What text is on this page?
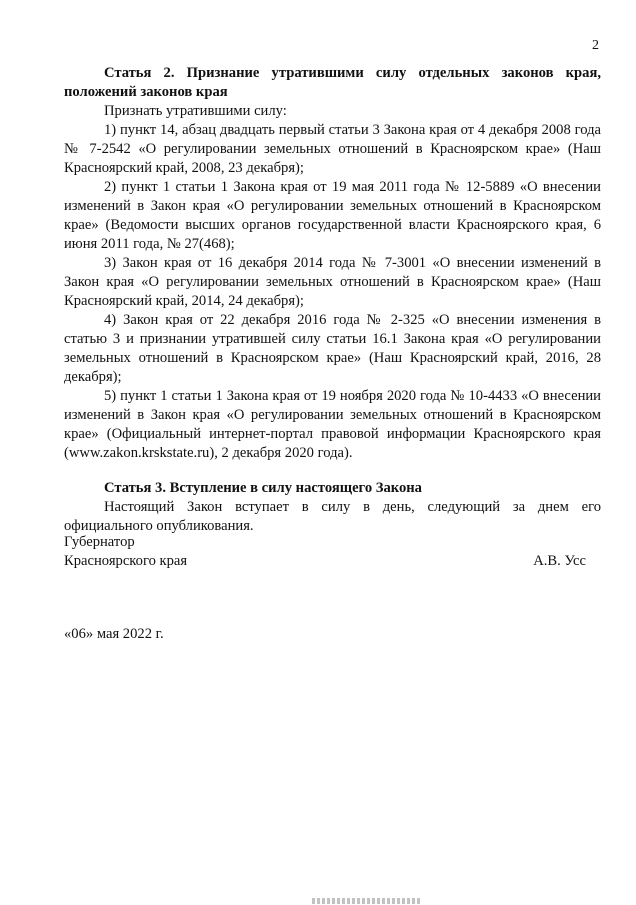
2

Статья 2. Признание утратившими силу отдельных законов края, положений законов края

Признать утратившими силу:

1) пункт 14, абзац двадцать первый статьи 3 Закона края от 4 декабря 2008 года № 7-2542 «О регулировании земельных отношений в Красноярском крае» (Наш Красноярский край, 2008, 23 декабря);

2) пункт 1 статьи 1 Закона края от 19 мая 2011 года № 12-5889 «О внесении изменений в Закон края «О регулировании земельных отношений в Красноярском крае» (Ведомости высших органов государственной власти Красноярского края, 6 июня 2011 года, № 27(468);

3) Закон края от 16 декабря 2014 года № 7-3001 «О внесении изменений в Закон края «О регулировании земельных отношений в Красноярском крае» (Наш Красноярский край, 2014, 24 декабря);

4) Закон края от 22 декабря 2016 года № 2-325 «О внесении изменения в статью 3 и признании утратившей силу статьи 16.1 Закона края «О регулировании земельных отношений в Красноярском крае» (Наш Красноярский край, 2016, 28 декабря);

5) пункт 1 статьи 1 Закона края от 19 ноября 2020 года № 10-4433 «О внесении изменений в Закон края «О регулировании земельных отношений в Красноярском крае» (Официальный интернет-портал правовой информации Красноярского края (www.zakon.krskstate.ru), 2 декабря 2020 года).

Статья 3. Вступление в силу настоящего Закона

Настоящий Закон вступает в силу в день, следующий за днем его официального опубликования.

Губернатор
Красноярского края	А.В. Усс
«06» мая 2022 г.
